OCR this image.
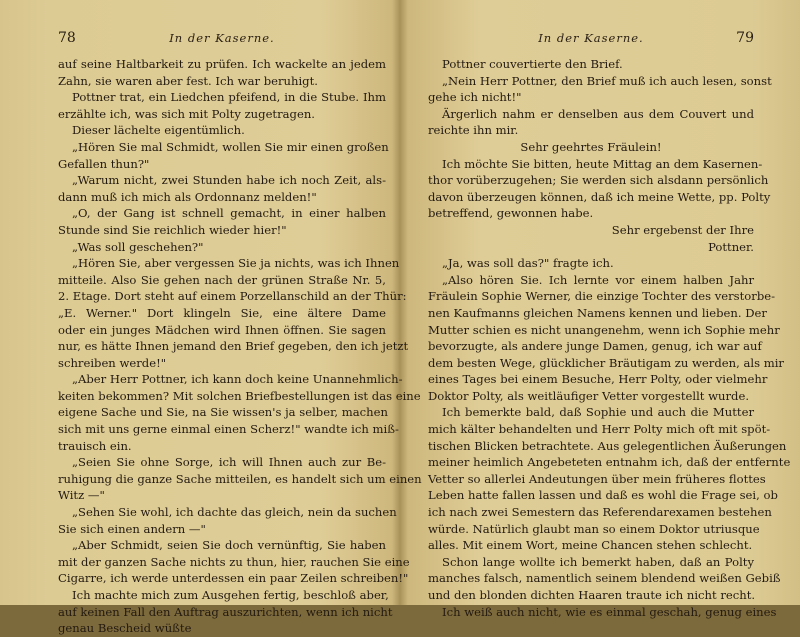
78	In der Kaserne.
auf seine Haltbarkeit zu prüfen. Ich wackelte an jedem
Zahn, sie waren aber fest. Ich war beruhigt.
Pottner trat, ein Liedchen pfeifend, in die Stube. Ihm
erzählte ich, was sich mit Polty zugetragen.
Dieser lächelte eigentümlich.
„Hören Sie mal Schmidt, wollen Sie mir einen großen
Gefallen thun?"
„Warum nicht, zwei Stunden habe ich noch Zeit, als-
dann muß ich mich als Ordonnanz melden!"
„O, der Gang ist schnell gemacht, in einer halben
Stunde sind Sie reichlich wieder hier!"
„Was soll geschehen?"
„Hören Sie, aber vergessen Sie ja nichts, was ich Ihnen
mitteile. Also Sie gehen nach der grünen Straße Nr. 5,
2. Etage. Dort steht auf einem Porzellanschild an der Thür:
„E. Werner." Dort klingeln Sie, eine ältere Dame
oder ein junges Mädchen wird Ihnen öffnen. Sie sagen
nur, es hätte Ihnen jemand den Brief gegeben, den ich jetzt
schreiben werde!"
„Aber Herr Pottner, ich kann doch keine Unannehmlich-
keiten bekommen? Mit solchen Briefbestellungen ist das eine
eigene Sache und Sie, na Sie wissen's ja selber, machen
sich mit uns gerne einmal einen Scherz!" wandte ich miß-
trauisch ein.
„Seien Sie ohne Sorge, ich will Ihnen auch zur Be-
ruhigung die ganze Sache mitteilen, es handelt sich um einen
Witz —"
„Sehen Sie wohl, ich dachte das gleich, nein da suchen
Sie sich einen andern —"
„Aber Schmidt, seien Sie doch vernünftig, Sie haben
mit der ganzen Sache nichts zu thun, hier, rauchen Sie eine
Cigarre, ich werde unterdessen ein paar Zeilen schreiben!"
Ich machte mich zum Ausgehen fertig, beschloß aber,
auf keinen Fall den Auftrag auszurichten, wenn ich nicht
genau Bescheid wüßte
In der Kaserne.	79
Pottner couvertierte den Brief.
„Nein Herr Pottner, den Brief muß ich auch lesen, sonst
gehe ich nicht!"
Ärgerlich nahm er denselben aus dem Couvert und
reichte ihn mir.
Sehr geehrtes Fräulein!
Ich möchte Sie bitten, heute Mittag an dem Kasernen-
thor vorüberzugehen; Sie werden sich alsdann persönlich
davon überzeugen können, daß ich meine Wette, pp. Polty
betreffend, gewonnen habe.
Sehr ergebenst der Ihre
Pottner.
„Ja, was soll das?" fragte ich.
„Also hören Sie. Ich lernte vor einem halben Jahr
Fräulein Sophie Werner, die einzige Tochter des verstorbe-
nen Kaufmanns gleichen Namens kennen und lieben. Der
Mutter schien es nicht unangenehm, wenn ich Sophie mehr
bevorzugte, als andere junge Damen, genug, ich war auf
dem besten Wege, glücklicher Bräutigam zu werden, als mir
eines Tages bei einem Besuche, Herr Polty, oder vielmehr
Doktor Polty, als weitläufiger Vetter vorgestellt wurde.
Ich bemerkte bald, daß Sophie und auch die Mutter
mich kälter behandelten und Herr Polty mich oft mit spöt-
tischen Blicken betrachtete. Aus gelegentlichen Äußerungen
meiner heimlich Angebeteten entnahm ich, daß der entfernte
Vetter so allerlei Andeutungen über mein früheres flottes
Leben hatte fallen lassen und daß es wohl die Frage sei, ob
ich nach zwei Semestern das Referendarexamen bestehen
würde. Natürlich glaubt man so einem Doktor utriusque
alles. Mit einem Wort, meine Chancen stehen schlecht.
Schon lange wollte ich bemerkt haben, daß an Polty
manches falsch, namentlich seinem blendend weißen Gebiß
und den blonden dichten Haaren traute ich nicht recht.
Ich weiß auch nicht, wie es einmal geschah, genug eines
